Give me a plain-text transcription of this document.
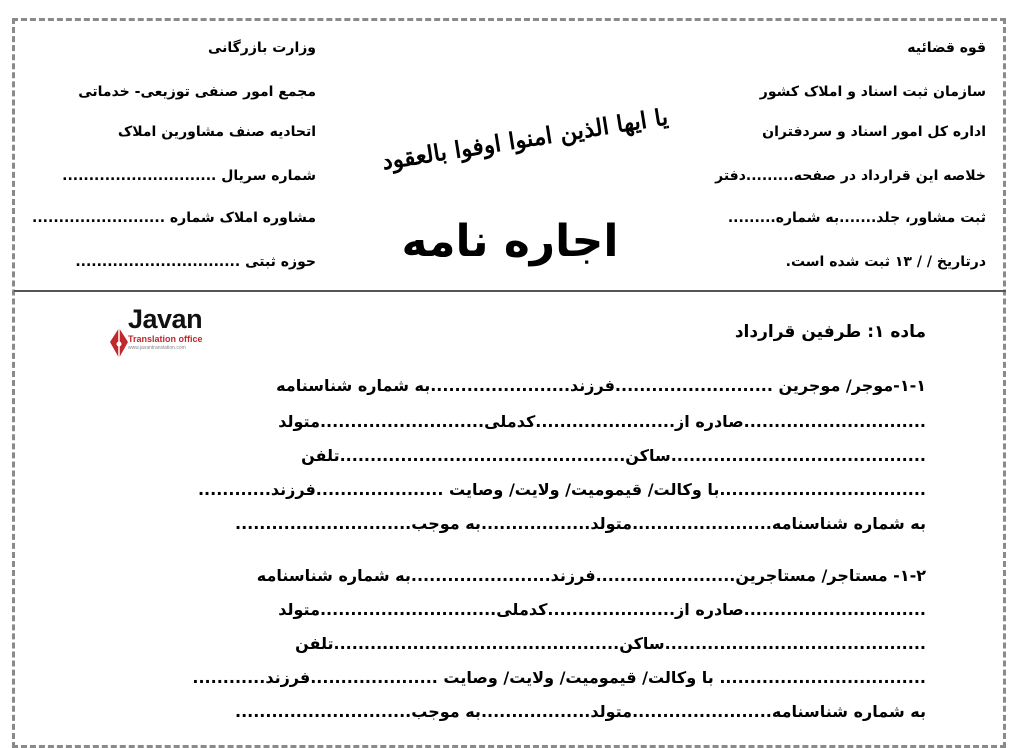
قوه قضائیه
سازمان ثبت اسناد و املاک کشور
اداره کل امور اسناد و سردفتران
خلاصه این قرارداد در صفحه.........دفتر
ثبت مشاور، جلد.......به شماره.........
درتاریخ / / ۱۳ ثبت شده است.
وزارت بازرگانی
مجمع امور صنفی توزیعی- خدماتی
اتحادیه صنف مشاورین املاک
شماره سریال .............................
مشاوره املاک شماره .........................
حوزه ثبتی ...............................
یا ایها الذین امنوا اوفوا بالعقود
اجاره نامه
Javan
Translation office
www.javantranslation.com
ماده ۱: طرفین قرارداد
۱-۱-موجر/ موجرین ..........................فرزند.......................به شماره شناسنامه
..............................صادره از.......................کدملی...........................متولد
..........................................ساکن...............................................تلفن
..................................با وکالت/ قیمومیت/ ولایت/ وصایت .....................فرزند............
به شماره شناسنامه.......................متولد..................به موجب.............................
۱-۲- مستاجر/ مستاجرین.......................فرزند.......................به شماره شناسنامه
..............................صادره از.....................کدملی.............................متولد
...........................................ساکن...............................................تلفن
.................................. با وکالت/ قیمومیت/ ولایت/ وصایت .....................فرزند............
به شماره شناسنامه.......................متولد..................به موجب.............................
